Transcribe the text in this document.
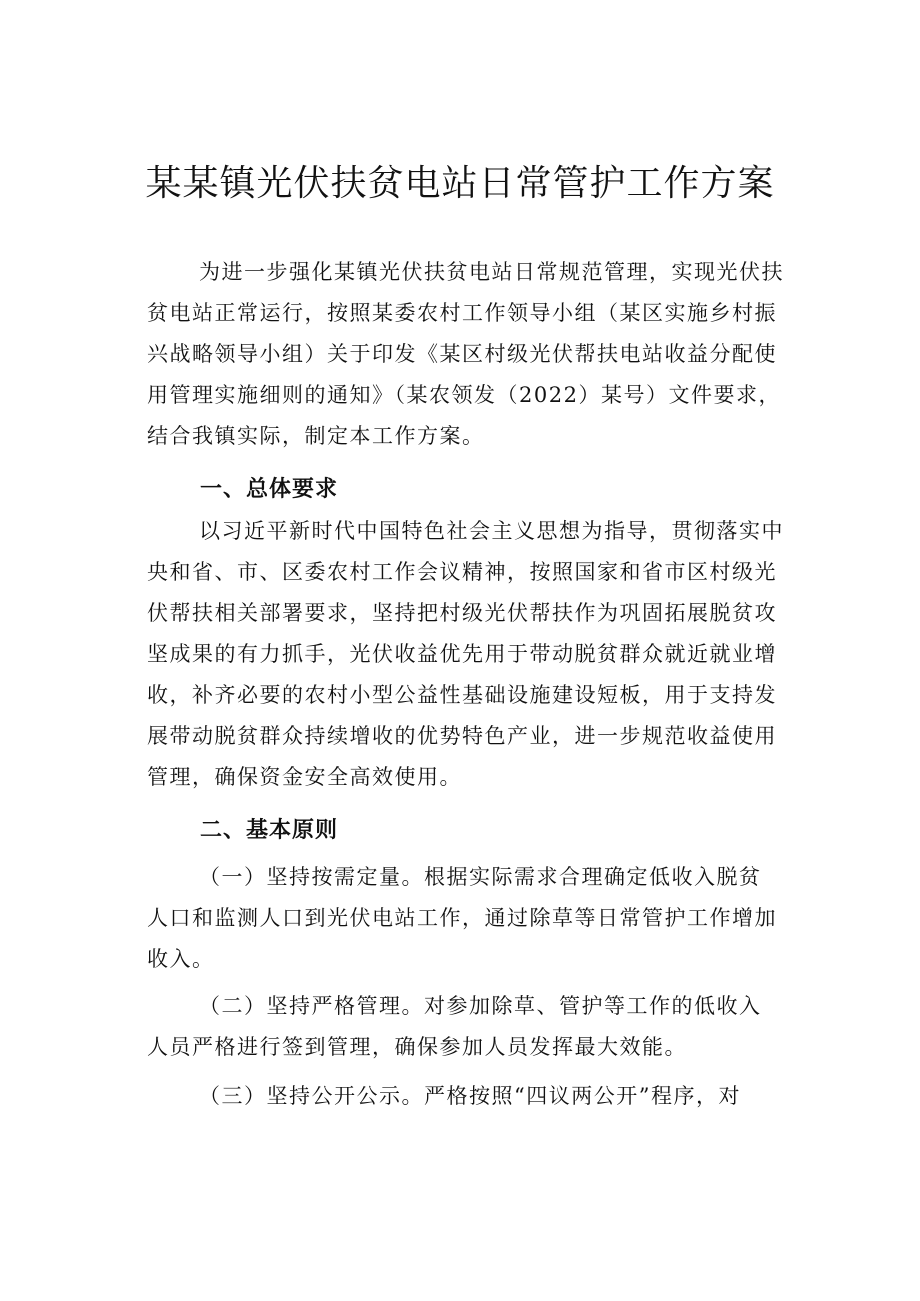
某某镇光伏扶贫电站日常管护工作方案

为进一步强化某镇光伏扶贫电站日常规范管理，实现光伏扶
贫电站正常运行，按照某委农村工作领导小组（某区实施乡村振
兴战略领导小组）关于印发《某区村级光伏帮扶电站收益分配使
用管理实施细则的通知》（某农领发（2022）某号）文件要求，
结合我镇实际，制定本工作方案。

一、总体要求

以习近平新时代中国特色社会主义思想为指导，贯彻落实中
央和省、市、区委农村工作会议精神，按照国家和省市区村级光
伏帮扶相关部署要求，坚持把村级光伏帮扶作为巩固拓展脱贫攻
坚成果的有力抓手，光伏收益优先用于带动脱贫群众就近就业增
收，补齐必要的农村小型公益性基础设施建设短板，用于支持发
展带动脱贫群众持续增收的优势特色产业，进一步规范收益使用
管理，确保资金安全高效使用。

二、基本原则

（一）坚持按需定量。根据实际需求合理确定低收入脱贫
人口和监测人口到光伏电站工作，通过除草等日常管护工作增加
收入。

（二）坚持严格管理。对参加除草、管护等工作的低收入
人员严格进行签到管理，确保参加人员发挥最大效能。

（三）坚持公开公示。严格按照“四议两公开”程序，对
